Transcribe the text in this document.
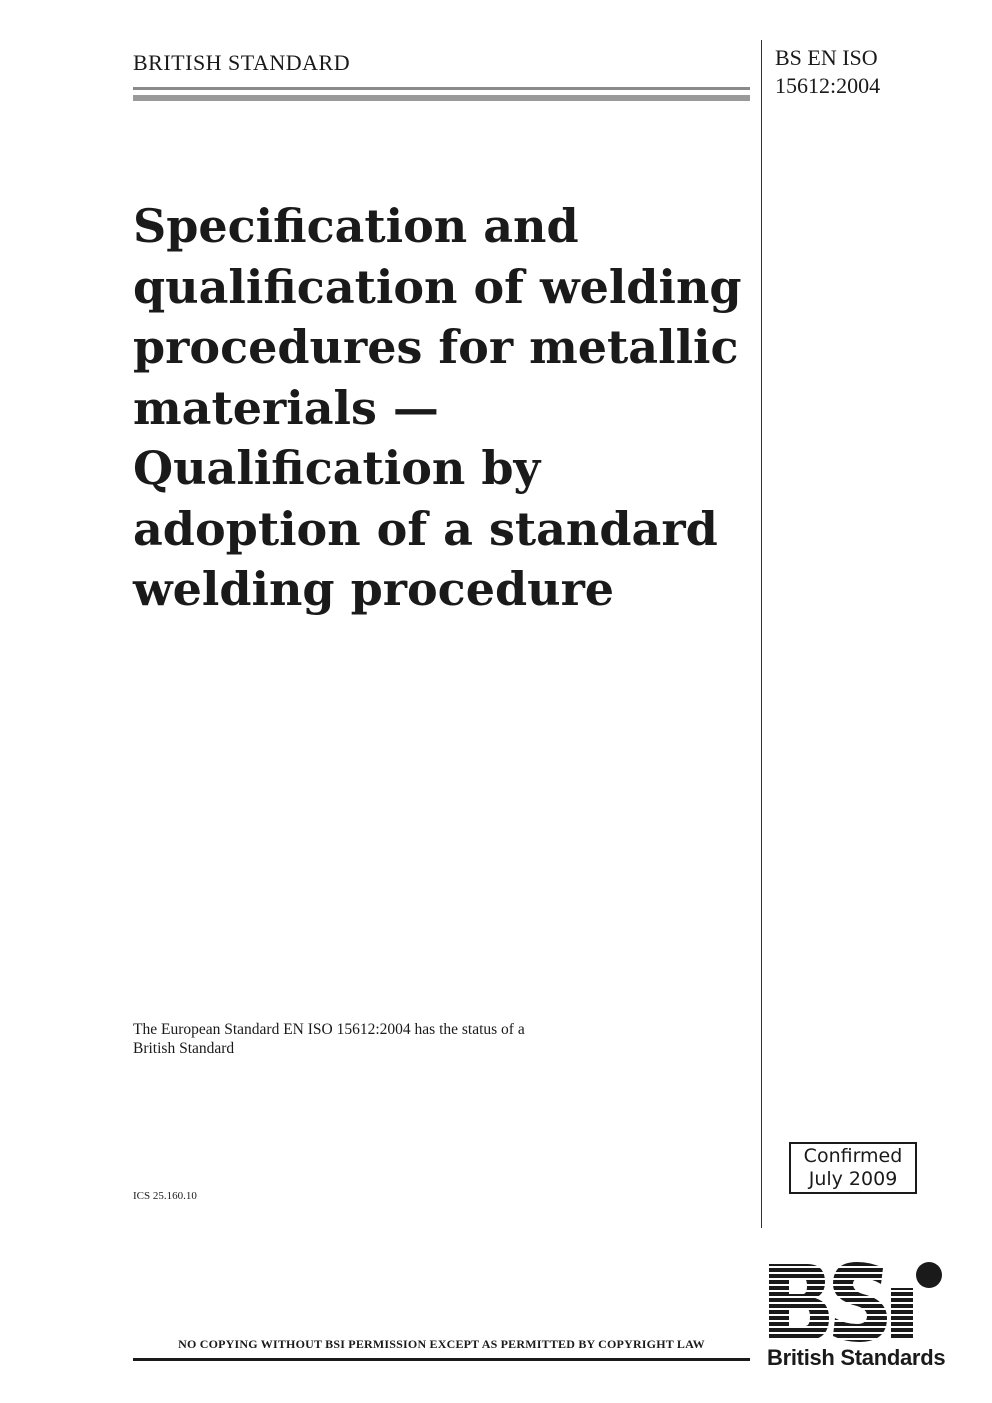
BRITISH STANDARD	BS EN ISO
15612:2004
Specification and
qualification of welding
procedures for metallic
materials —
Qualification by
adoption of a standard
welding procedure
The European Standard EN ISO 15612:2004 has the status of a
British Standard
ICS 25.160.10
Confirmed
July 2009
NO COPYING WITHOUT BSI PERMISSION EXCEPT AS PERMITTED BY COPYRIGHT LAW
British Standards
